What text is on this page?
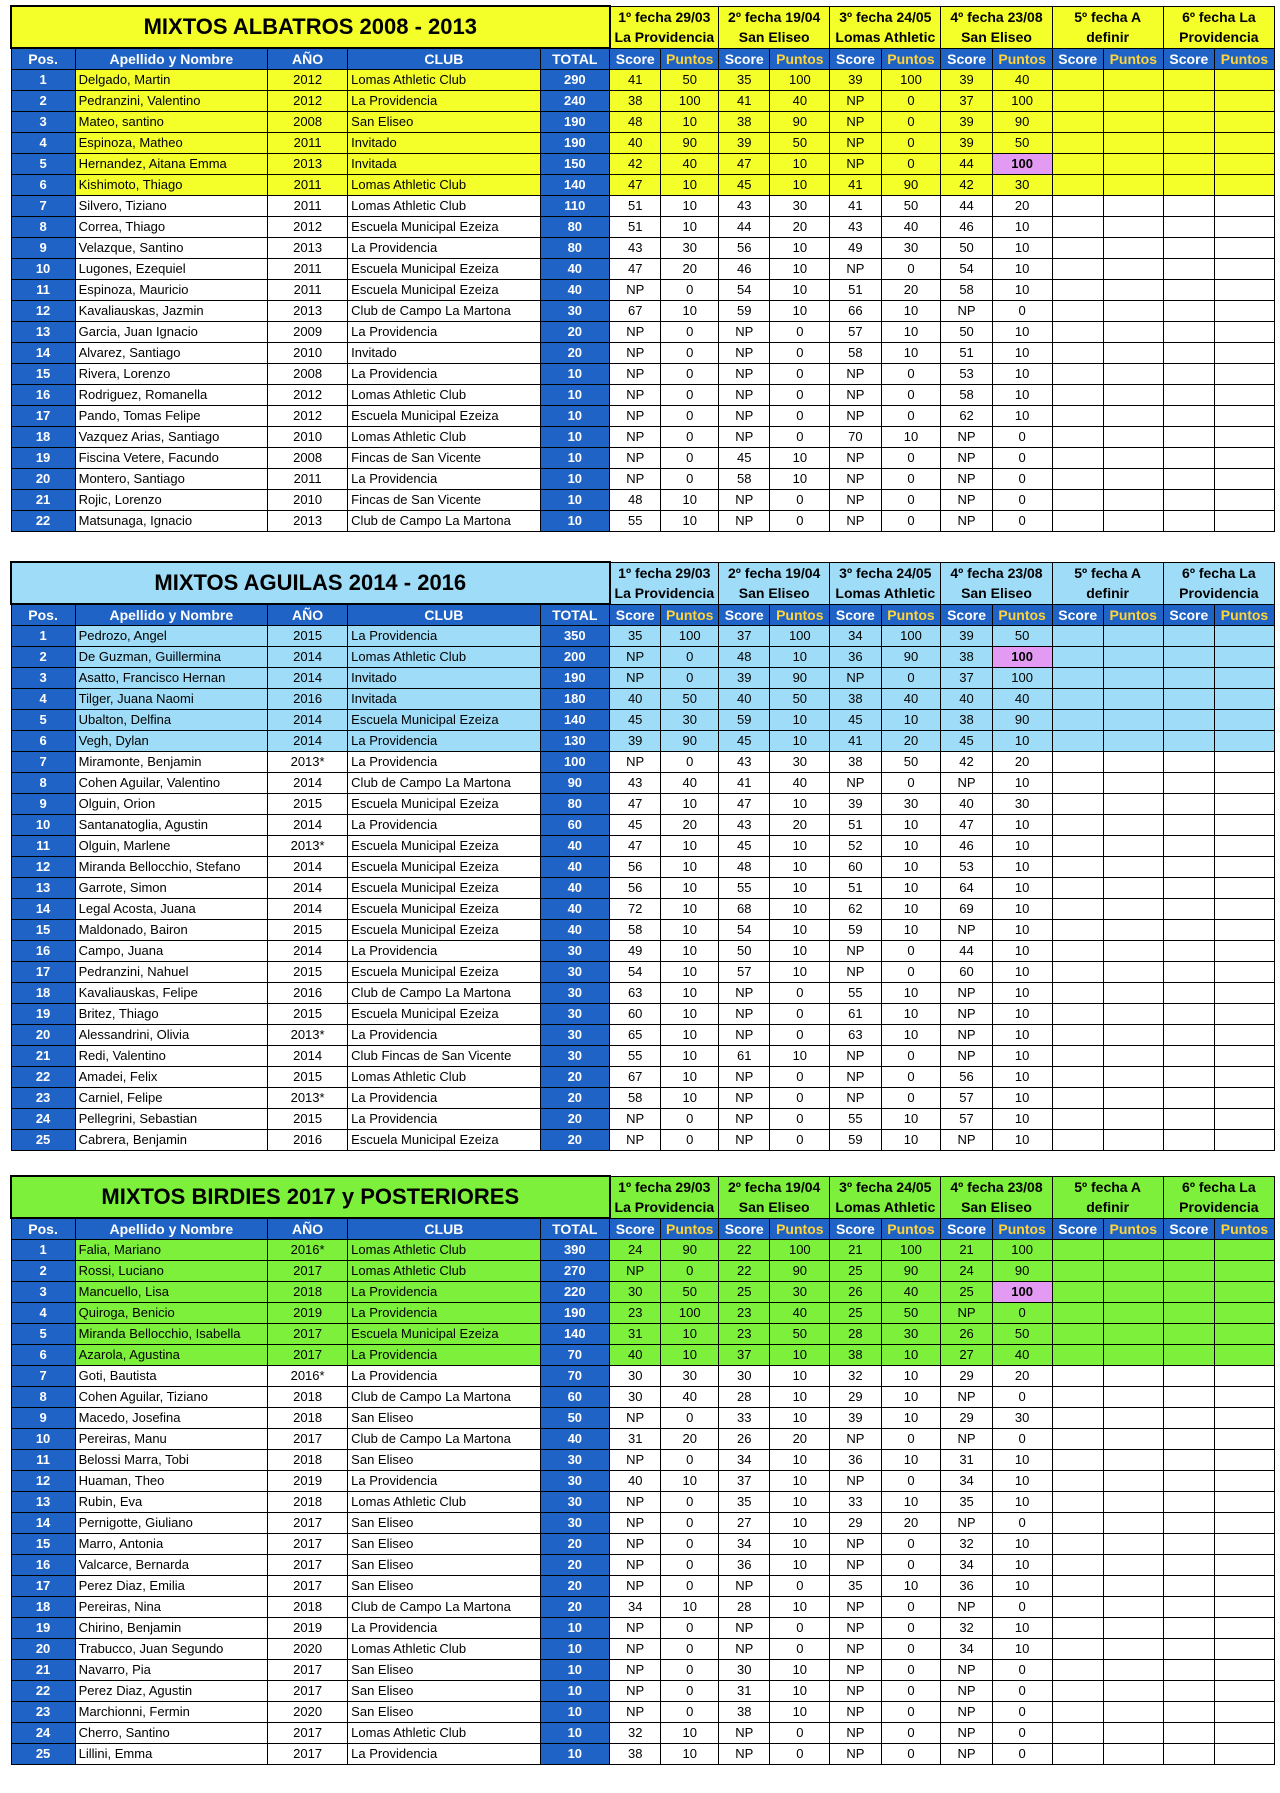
MIXTOS ALBATROS 2008 - 2013					1º fecha 29/03		2º fecha 19/04		3º fecha 24/05		4º fecha 23/08		5º fecha A		6º fecha La	
					La Providencia		San Eliseo		Lomas Athletic		San Eliseo		definir		Providencia	
Pos.	Apellido y Nombre	AÑO	CLUB	TOTAL	Score	Puntos	Score	Puntos	Score	Puntos	Score	Puntos	Score	Puntos	Score	Puntos
1	Delgado, Martin	2012	Lomas Athletic Club	290	41	50	35	100	39	100	39	40				
2	Pedranzini, Valentino	2012	La Providencia	240	38	100	41	40	NP	0	37	100				
3	Mateo, santino	2008	San Eliseo	190	48	10	38	90	NP	0	39	90				
4	Espinoza, Matheo	2011	Invitado	190	40	90	39	50	NP	0	39	50				
5	Hernandez, Aitana Emma	2013	Invitada	150	42	40	47	10	NP	0	44	100				
6	Kishimoto, Thiago	2011	Lomas Athletic Club	140	47	10	45	10	41	90	42	30				
7	Silvero, Tiziano	2011	Lomas Athletic Club	110	51	10	43	30	41	50	44	20				
8	Correa, Thiago	2012	Escuela Municipal Ezeiza	80	51	10	44	20	43	40	46	10				
9	Velazque, Santino	2013	La Providencia	80	43	30	56	10	49	30	50	10				
10	Lugones, Ezequiel	2011	Escuela Municipal Ezeiza	40	47	20	46	10	NP	0	54	10				
11	Espinoza, Mauricio	2011	Escuela Municipal Ezeiza	40	NP	0	54	10	51	20	58	10				
12	Kavaliauskas, Jazmin	2013	Club de Campo La Martona	30	67	10	59	10	66	10	NP	0				
13	Garcia, Juan Ignacio	2009	La Providencia	20	NP	0	NP	0	57	10	50	10				
14	Alvarez, Santiago	2010	Invitado	20	NP	0	NP	0	58	10	51	10				
15	Rivera, Lorenzo	2008	La Providencia	10	NP	0	NP	0	NP	0	53	10				
16	Rodriguez, Romanella	2012	Lomas Athletic Club	10	NP	0	NP	0	NP	0	58	10				
17	Pando, Tomas Felipe	2012	Escuela Municipal Ezeiza	10	NP	0	NP	0	NP	0	62	10				
18	Vazquez Arias, Santiago	2010	Lomas Athletic Club	10	NP	0	NP	0	70	10	NP	0				
19	Fiscina Vetere, Facundo	2008	Fincas de San Vicente	10	NP	0	45	10	NP	0	NP	0				
20	Montero, Santiago	2011	La Providencia	10	NP	0	58	10	NP	0	NP	0				
21	Rojic, Lorenzo	2010	Fincas de San Vicente	10	48	10	NP	0	NP	0	NP	0				
22	Matsunaga, Ignacio	2013	Club de Campo La Martona	10	55	10	NP	0	NP	0	NP	0				
MIXTOS AGUILAS 2014 - 2016					1º fecha 29/03		2º fecha 19/04		3º fecha 24/05		4º fecha 23/08		5º fecha A		6º fecha La	
					La Providencia		San Eliseo		Lomas Athletic		San Eliseo		definir		Providencia	
Pos.	Apellido y Nombre	AÑO	CLUB	TOTAL	Score	Puntos	Score	Puntos	Score	Puntos	Score	Puntos	Score	Puntos	Score	Puntos
1	Pedrozo, Angel	2015	La Providencia	350	35	100	37	100	34	100	39	50				
2	De Guzman, Guillermina	2014	Lomas Athletic Club	200	NP	0	48	10	36	90	38	100				
3	Asatto, Francisco Hernan	2014	Invitado	190	NP	0	39	90	NP	0	37	100				
4	Tilger, Juana Naomi	2016	Invitada	180	40	50	40	50	38	40	40	40				
5	Ubalton, Delfina	2014	Escuela Municipal Ezeiza	140	45	30	59	10	45	10	38	90				
6	Vegh, Dylan	2014	La Providencia	130	39	90	45	10	41	20	45	10				
7	Miramonte, Benjamin	2013*	La Providencia	100	NP	0	43	30	38	50	42	20				
8	Cohen Aguilar, Valentino	2014	Club de Campo La Martona	90	43	40	41	40	NP	0	NP	10				
9	Olguin, Orion	2015	Escuela Municipal Ezeiza	80	47	10	47	10	39	30	40	30				
10	Santanatoglia, Agustin	2014	La Providencia	60	45	20	43	20	51	10	47	10				
11	Olguin, Marlene	2013*	Escuela Municipal Ezeiza	40	47	10	45	10	52	10	46	10				
12	Miranda Bellocchio, Stefano	2014	Escuela Municipal Ezeiza	40	56	10	48	10	60	10	53	10				
13	Garrote, Simon	2014	Escuela Municipal Ezeiza	40	56	10	55	10	51	10	64	10				
14	Legal Acosta, Juana	2014	Escuela Municipal Ezeiza	40	72	10	68	10	62	10	69	10				
15	Maldonado, Bairon	2015	Escuela Municipal Ezeiza	40	58	10	54	10	59	10	NP	10				
16	Campo, Juana	2014	La Providencia	30	49	10	50	10	NP	0	44	10				
17	Pedranzini, Nahuel	2015	Escuela Municipal Ezeiza	30	54	10	57	10	NP	0	60	10				
18	Kavaliauskas, Felipe	2016	Club de Campo La Martona	30	63	10	NP	0	55	10	NP	10				
19	Britez, Thiago	2015	Escuela Municipal Ezeiza	30	60	10	NP	0	61	10	NP	10				
20	Alessandrini, Olivia	2013*	La Providencia	30	65	10	NP	0	63	10	NP	10				
21	Redi, Valentino	2014	Club Fincas de San Vicente	30	55	10	61	10	NP	0	NP	10				
22	Amadei, Felix	2015	Lomas Athletic Club	20	67	10	NP	0	NP	0	56	10				
23	Carniel, Felipe	2013*	La Providencia	20	58	10	NP	0	NP	0	57	10				
24	Pellegrini, Sebastian	2015	La Providencia	20	NP	0	NP	0	55	10	57	10				
25	Cabrera, Benjamin	2016	Escuela Municipal Ezeiza	20	NP	0	NP	0	59	10	NP	10				
MIXTOS BIRDIES 2017 y POSTERIORES					1º fecha 29/03		2º fecha 19/04		3º fecha 24/05		4º fecha 23/08		5º fecha A		6º fecha La	
					La Providencia		San Eliseo		Lomas Athletic		San Eliseo		definir		Providencia	
Pos.	Apellido y Nombre	AÑO	CLUB	TOTAL	Score	Puntos	Score	Puntos	Score	Puntos	Score	Puntos	Score	Puntos	Score	Puntos
1	Falia, Mariano	2016*	Lomas Athletic Club	390	24	90	22	100	21	100	21	100				
2	Rossi, Luciano	2017	Lomas Athletic Club	270	NP	0	22	90	25	90	24	90				
3	Mancuello, Lisa	2018	La Providencia	220	30	50	25	30	26	40	25	100				
4	Quiroga, Benicio	2019	La Providencia	190	23	100	23	40	25	50	NP	0				
5	Miranda Bellocchio, Isabella	2017	Escuela Municipal Ezeiza	140	31	10	23	50	28	30	26	50				
6	Azarola, Agustina	2017	La Providencia	70	40	10	37	10	38	10	27	40				
7	Goti, Bautista	2016*	La Providencia	70	30	30	30	10	32	10	29	20				
8	Cohen Aguilar, Tiziano	2018	Club de Campo La Martona	60	30	40	28	10	29	10	NP	0				
9	Macedo, Josefina	2018	San Eliseo	50	NP	0	33	10	39	10	29	30				
10	Pereiras, Manu	2017	Club de Campo La Martona	40	31	20	26	20	NP	0	NP	0				
11	Belossi Marra, Tobi	2018	San Eliseo	30	NP	0	34	10	36	10	31	10				
12	Huaman, Theo	2019	La Providencia	30	40	10	37	10	NP	0	34	10				
13	Rubin, Eva	2018	Lomas Athletic Club	30	NP	0	35	10	33	10	35	10				
14	Pernigotte, Giuliano	2017	San Eliseo	30	NP	0	27	10	29	20	NP	0				
15	Marro, Antonia	2017	San Eliseo	20	NP	0	34	10	NP	0	32	10				
16	Valcarce, Bernarda	2017	San Eliseo	20	NP	0	36	10	NP	0	34	10				
17	Perez Diaz, Emilia	2017	San Eliseo	20	NP	0	NP	0	35	10	36	10				
18	Pereiras, Nina	2018	Club de Campo La Martona	20	34	10	28	10	NP	0	NP	0				
19	Chirino, Benjamin	2019	La Providencia	10	NP	0	NP	0	NP	0	32	10				
20	Trabucco, Juan Segundo	2020	Lomas Athletic Club	10	NP	0	NP	0	NP	0	34	10				
21	Navarro, Pia	2017	San Eliseo	10	NP	0	30	10	NP	0	NP	0				
22	Perez Diaz, Agustin	2017	San Eliseo	10	NP	0	31	10	NP	0	NP	0				
23	Marchionni, Fermin	2020	San Eliseo	10	NP	0	38	10	NP	0	NP	0				
24	Cherro, Santino	2017	Lomas Athletic Club	10	32	10	NP	0	NP	0	NP	0				
25	Lillini, Emma	2017	La Providencia	10	38	10	NP	0	NP	0	NP	0				
